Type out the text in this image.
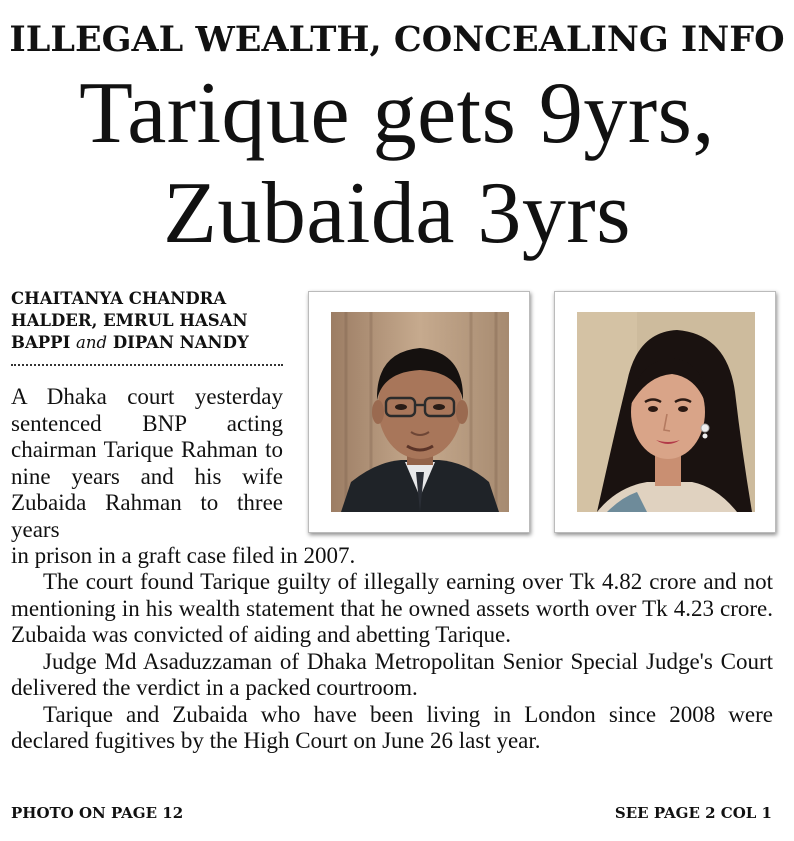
ILLEGAL WEALTH, CONCEALING INFO
Tarique gets 9yrs,
Zubaida 3yrs
CHAITANYA CHANDRA HALDER, EMRUL HASAN BAPPI and DIPAN NANDY
A Dhaka court yesterday sentenced BNP acting chairman Tarique Rahman to nine years and his wife Zubaida Rahman to three years
in prison in a graft case filed in 2007.

The court found Tarique guilty of illegally earning over Tk 4.82 crore and not mentioning in his wealth statement that he owned assets worth over Tk 4.23 crore. Zubaida was convicted of aiding and abetting Tarique.

Judge Md Asaduzzaman of Dhaka Metropolitan Senior Special Judge's Court delivered the verdict in a packed courtroom.

Tarique and Zubaida who have been living in London since 2008 were declared fugitives by the High Court on June 26 last year.

PHOTO ON PAGE 12	SEE PAGE 2 COL 1
